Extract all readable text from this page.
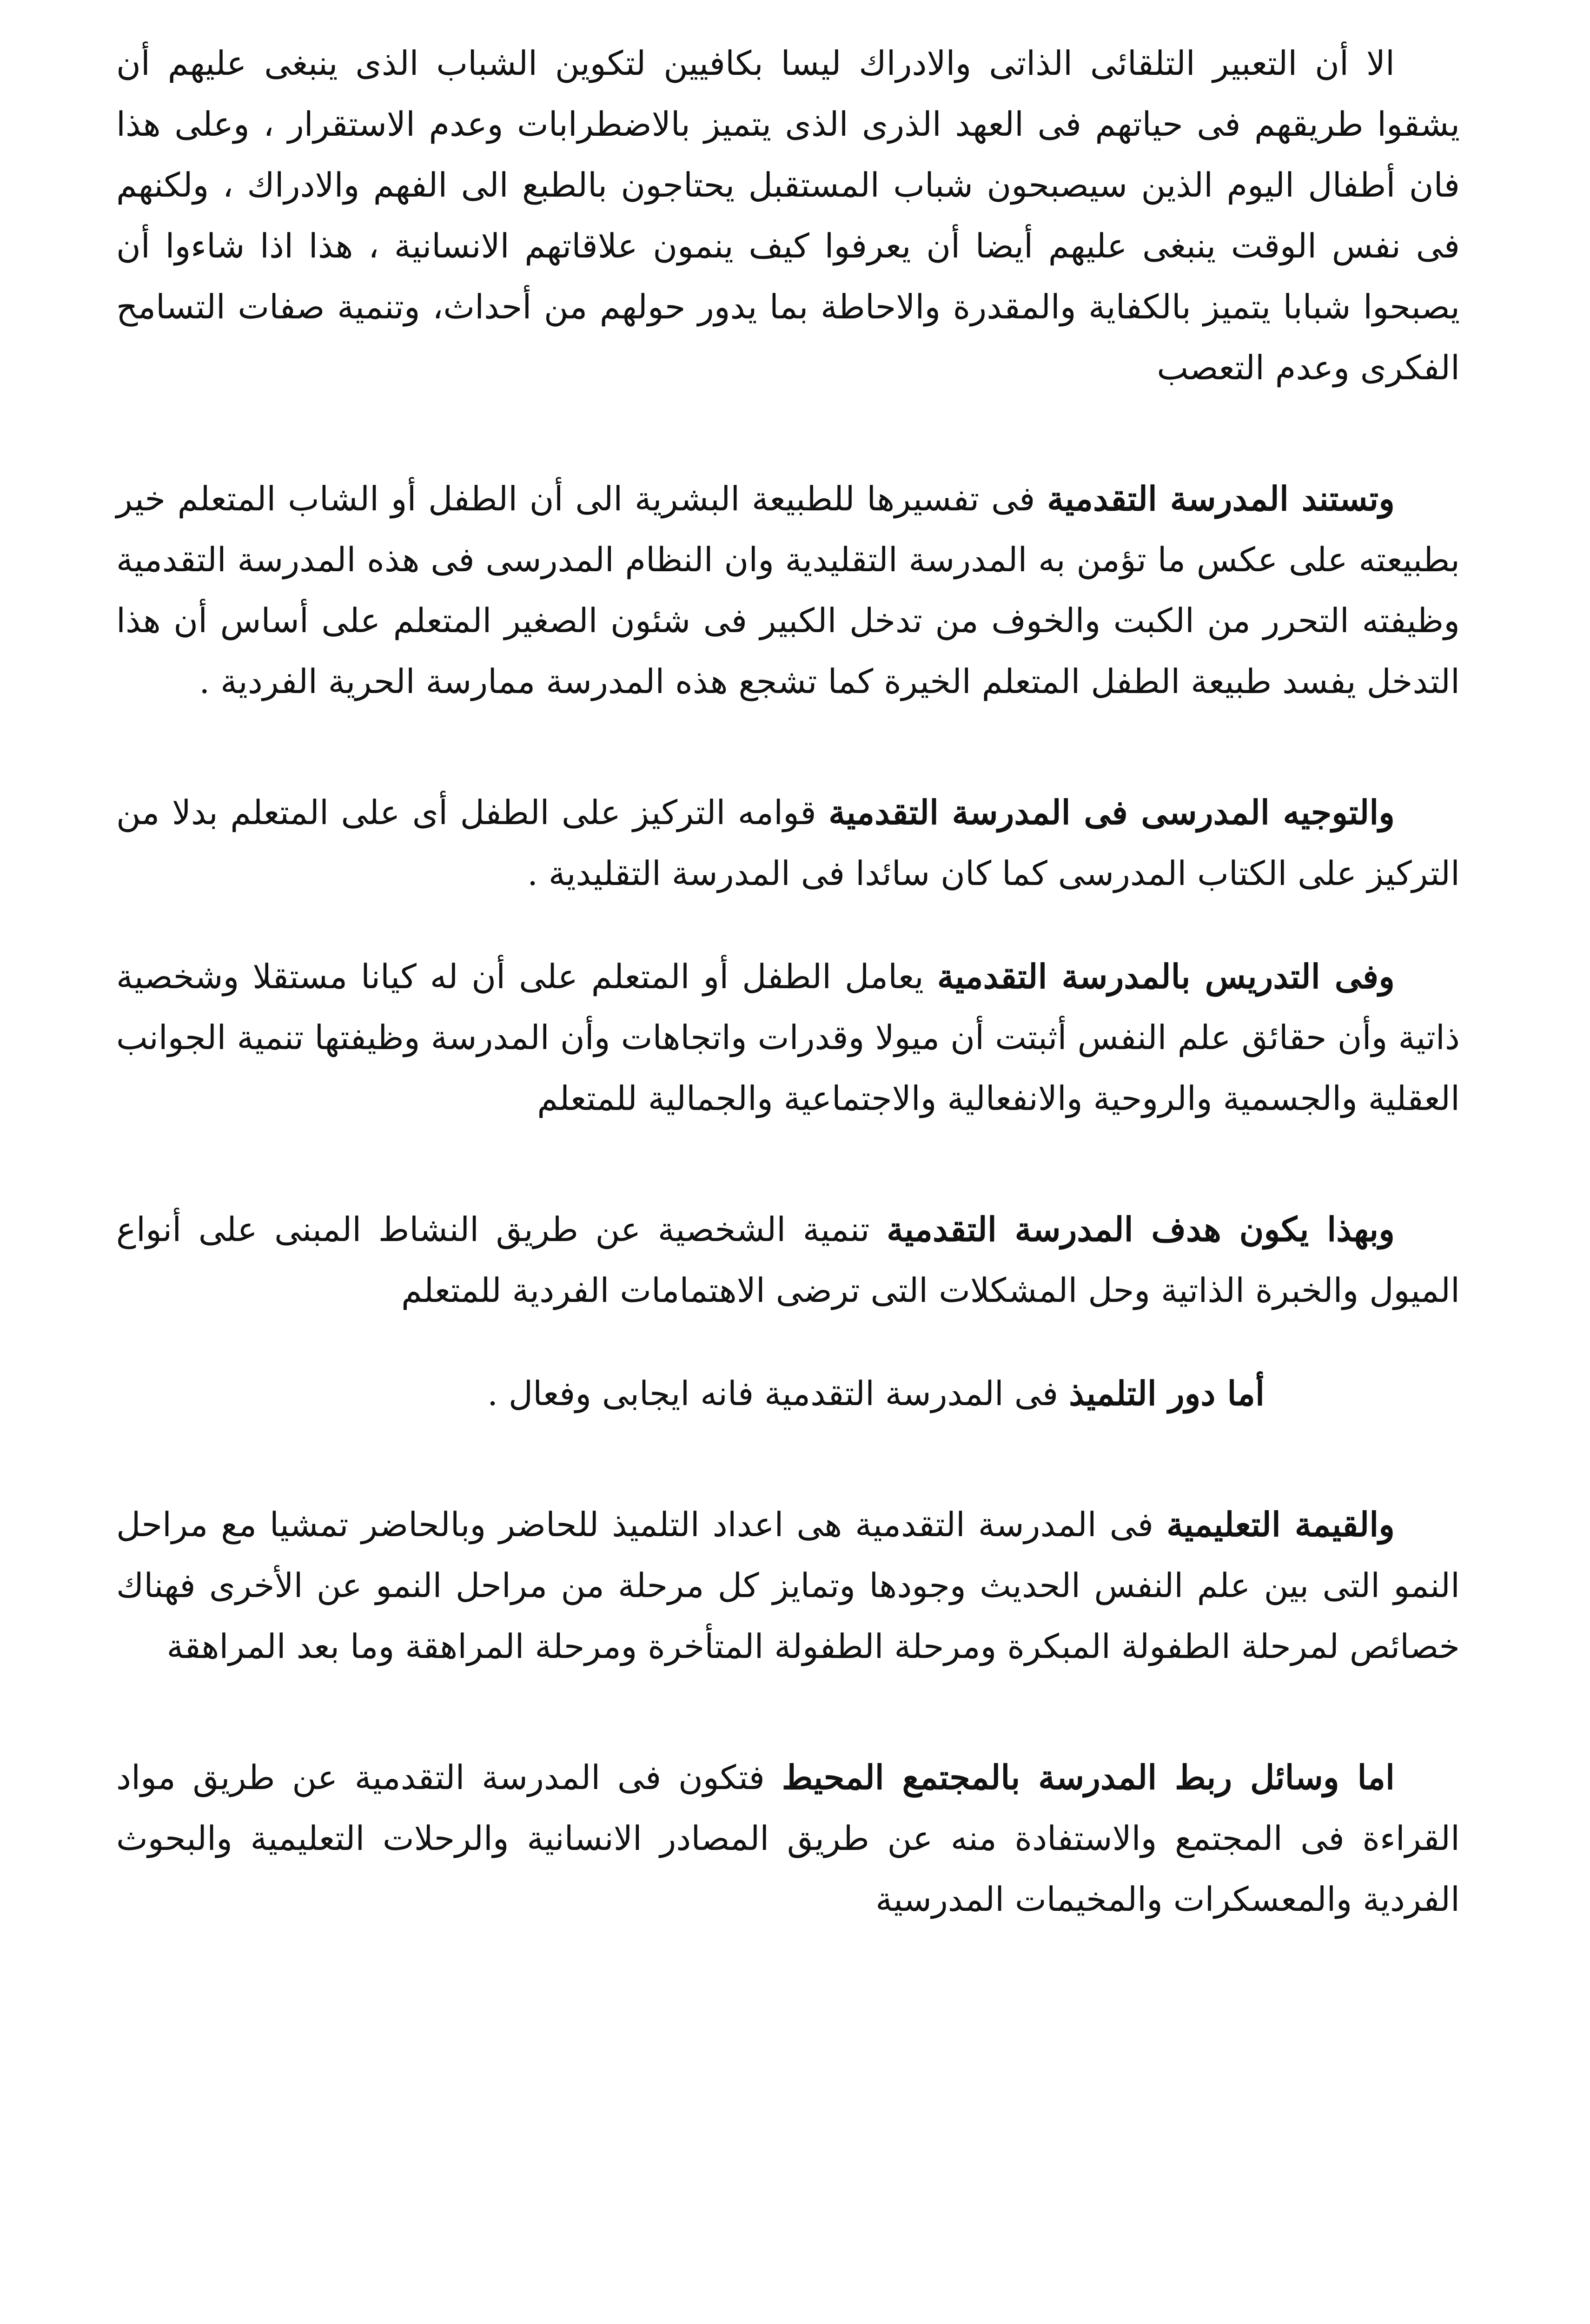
الا أن التعبير التلقائى الذاتى والادراك ليسا بكافيين لتكوين الشباب الذى ينبغى عليهم أن يشقوا طريقهم فى حياتهم فى العهد الذرى الذى يتميز بالاضطرابات وعدم الاستقرار ، وعلى هذا فان أطفال اليوم الذين سيصبحون شباب المستقبل يحتاجون بالطبع الى الفهم والادراك ، ولكنهم فى نفس الوقت ينبغى عليهم أيضا أن يعرفوا كيف ينمون علاقاتهم الانسانية ، هذا اذا شاءوا أن يصبحوا شبابا يتميز بالكفاية والمقدرة والاحاطة بما يدور حولهم من أحداث، وتنمية صفات التسامح الفكرى وعدم التعصب

وتستند المدرسة التقدمية فى تفسيرها للطبيعة البشرية الى أن الطفل أو الشاب المتعلم خير بطبيعته على عكس ما تؤمن به المدرسة التقليدية وان النظام المدرسى فى هذه المدرسة التقدمية وظيفته التحرر من الكبت والخوف من تدخل الكبير فى شئون الصغير المتعلم على أساس أن هذا التدخل يفسد طبيعة الطفل المتعلم الخيرة كما تشجع هذه المدرسة ممارسة الحرية الفردية .

والتوجيه المدرسى فى المدرسة التقدمية قوامه التركيز على الطفل أى على المتعلم بدلا من التركيز على الكتاب المدرسى كما كان سائدا فى المدرسة التقليدية .

وفى التدريس بالمدرسة التقدمية يعامل الطفل أو المتعلم على أن له كيانا مستقلا وشخصية ذاتية وأن حقائق علم النفس أثبتت أن ميولا وقدرات واتجاهات وأن المدرسة وظيفتها تنمية الجوانب العقلية والجسمية والروحية والانفعالية والاجتماعية والجمالية للمتعلم

وبهذا يكون هدف المدرسة التقدمية تنمية الشخصية عن طريق النشاط المبنى على أنواع الميول والخبرة الذاتية وحل المشكلات التى ترضى الاهتمامات الفردية للمتعلم

أما دور التلميذ فى المدرسة التقدمية فانه ايجابى وفعال .

والقيمة التعليمية فى المدرسة التقدمية هى اعداد التلميذ للحاضر وبالحاضر تمشيا مع مراحل النمو التى بين علم النفس الحديث وجودها وتمايز كل مرحلة من مراحل النمو عن الأخرى فهناك خصائص لمرحلة الطفولة المبكرة ومرحلة الطفولة المتأخرة ومرحلة المراهقة وما بعد المراهقة

اما وسائل ربط المدرسة بالمجتمع المحيط فتكون فى المدرسة التقدمية عن طريق مواد القراءة فى المجتمع والاستفادة منه عن طريق المصادر الانسانية والرحلات التعليمية والبحوث الفردية والمعسكرات والمخيمات المدرسية
